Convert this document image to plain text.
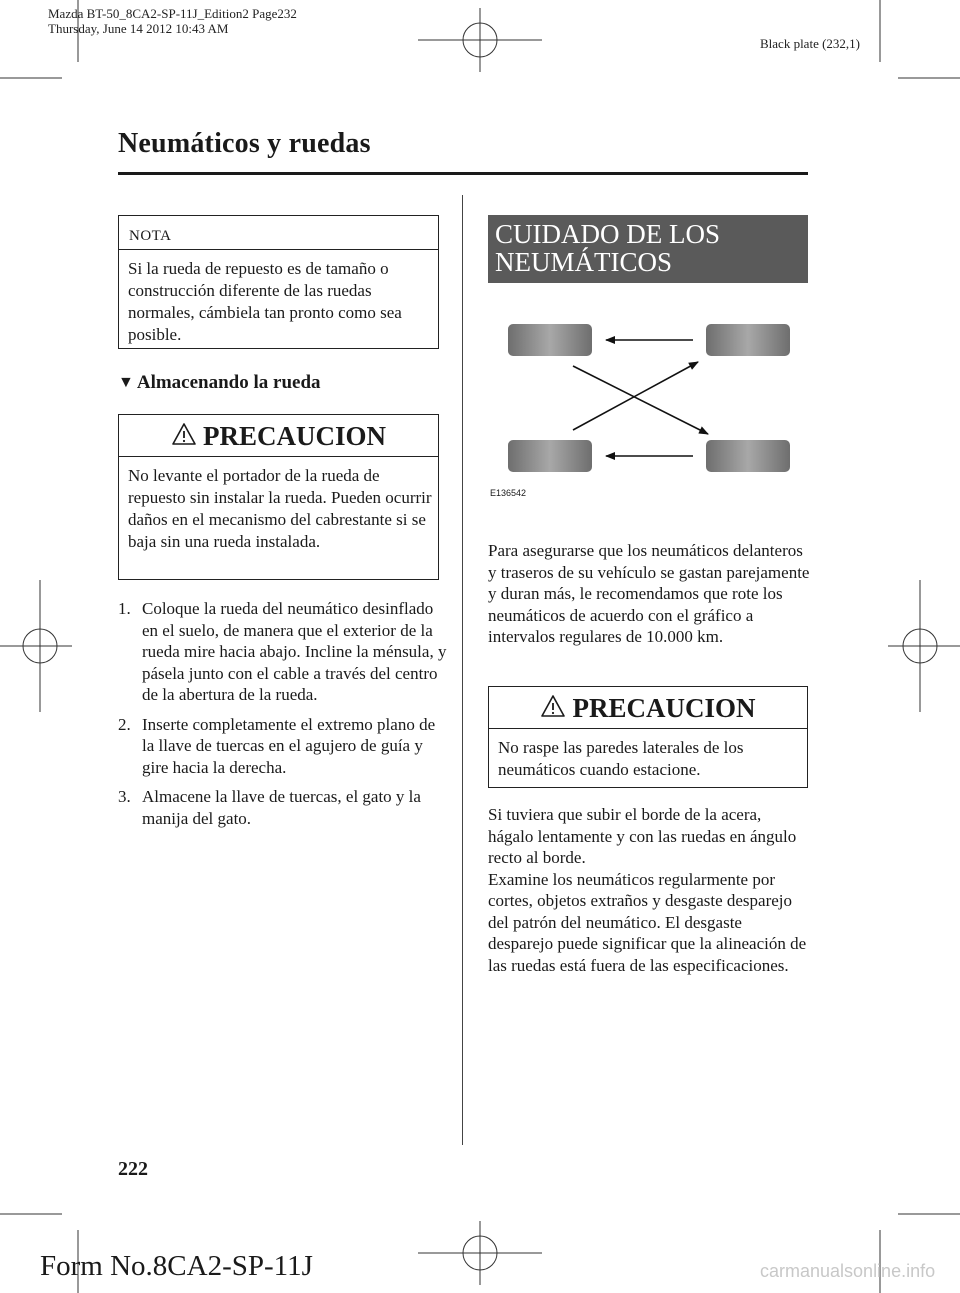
Mazda BT-50_8CA2-SP-11J_Edition2 Page232
Thursday, June 14 2012 10:43 AM
Black plate (232,1)
Neumáticos y ruedas
NOTA
Si la rueda de repuesto es de tamaño o construcción diferente de las ruedas normales, cámbiela tan pronto como sea posible.
▼ Almacenando la rueda
PRECAUCION
No levante el portador de la rueda de repuesto sin instalar la rueda. Pueden ocurrir daños en el mecanismo del cabrestante si se baja sin una rueda instalada.
1. Coloque la rueda del neumático desinflado en el suelo, de manera que el exterior de la rueda mire hacia abajo. Incline la ménsula, y pásela junto con el cable a través del centro de la abertura de la rueda.
2. Inserte completamente el extremo plano de la llave de tuercas en el agujero de guía y gire hacia la derecha.
3. Almacene la llave de tuercas, el gato y la manija del gato.
CUIDADO DE LOS NEUMÁTICOS
E136542
Para asegurarse que los neumáticos delanteros y traseros de su vehículo se gastan parejamente y duran más, le recomendamos que rote los neumáticos de acuerdo con el gráfico a intervalos regulares de 10.000 km.
PRECAUCION
No raspe las paredes laterales de los neumáticos cuando estacione.
Si tuviera que subir el borde de la acera, hágalo lentamente y con las ruedas en ángulo recto al borde.
Examine los neumáticos regularmente por cortes, objetos extraños y desgaste desparejo del patrón del neumático. El desgaste desparejo puede significar que la alineación de las ruedas está fuera de las especificaciones.
222
Form No.8CA2-SP-11J	carmanualsonline.info
